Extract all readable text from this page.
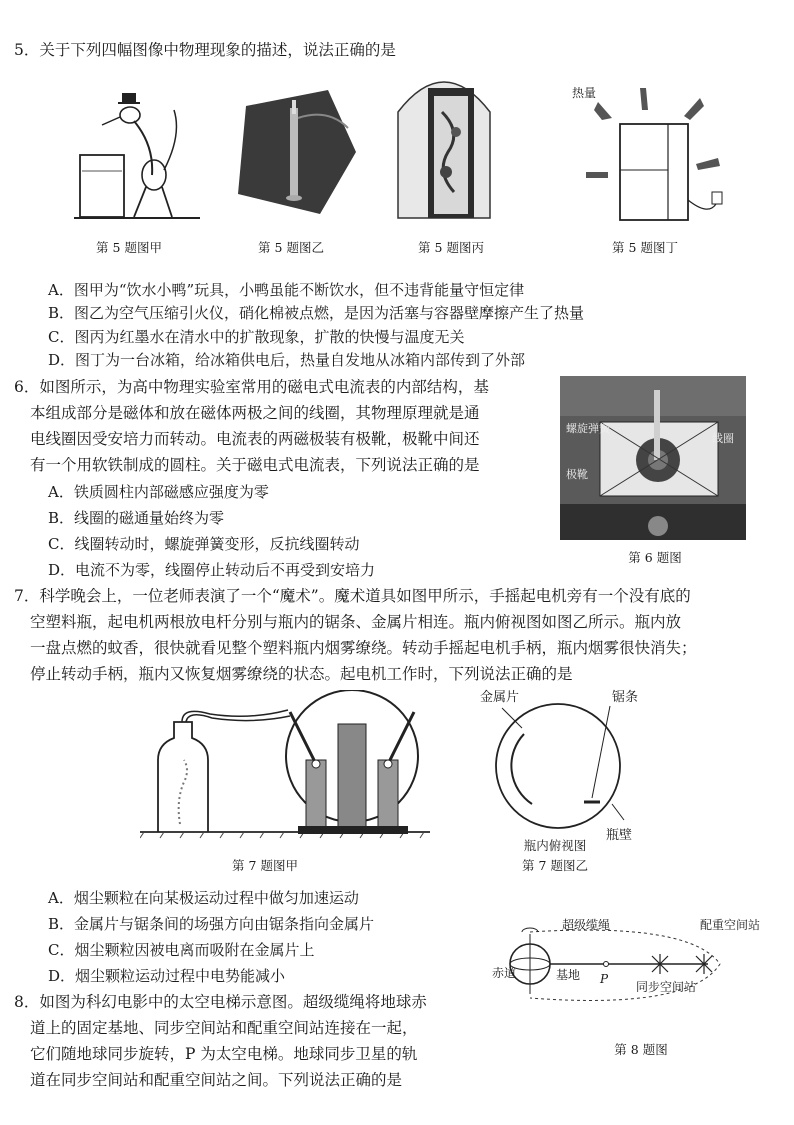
5．关于下列四幅图像中物理现象的描述，说法正确的是
热量
第 5 题图甲	第 5 题图乙	第 5 题图丙	第 5 题图丁
A．图甲为“饮水小鸭”玩具，小鸭虽能不断饮水，但不违背能量守恒定律
B．图乙为空气压缩引火仪，硝化棉被点燃，是因为活塞与容器壁摩擦产生了热量
C．图丙为红墨水在清水中的扩散现象，扩散的快慢与温度无关
D．图丁为一台冰箱，给冰箱供电后，热量自发地从冰箱内部传到了外部
6．如图所示，为高中物理实验室常用的磁电式电流表的内部结构，基
本组成部分是磁体和放在磁体两极之间的线圈，其物理原理就是通
电线圈因受安培力而转动。电流表的两磁极装有极靴，极靴中间还
有一个用软铁制成的圆柱。关于磁电式电流表，下列说法正确的是
A．铁质圆柱内部磁感应强度为零
B．线圈的磁通量始终为零
C．线圈转动时，螺旋弹簧变形，反抗线圈转动
D．电流不为零，线圈停止转动后不再受到安培力
螺旋弹簧
线圈
极靴
第 6 题图
7．科学晚会上，一位老师表演了一个“魔术”。魔术道具如图甲所示，手摇起电机旁有一个没有底的
空塑料瓶，起电机两根放电杆分别与瓶内的锯条、金属片相连。瓶内俯视图如图乙所示。瓶内放
一盘点燃的蚊香，很快就看见整个塑料瓶内烟雾缭绕。转动手摇起电机手柄，瓶内烟雾很快消失；
停止转动手柄，瓶内又恢复烟雾缭绕的状态。起电机工作时，下列说法正确的是
金属片	锯条
瓶壁
瓶内俯视图
第 7 题图甲	第 7 题图乙
A．烟尘颗粒在向某极运动过程中做匀加速运动
B．金属片与锯条间的场强方向由锯条指向金属片
C．烟尘颗粒因被电离而吸附在金属片上
D．烟尘颗粒运动过程中电势能减小
8．如图为科幻电影中的太空电梯示意图。超级缆绳将地球赤
道上的固定基地、同步空间站和配重空间站连接在一起，
它们随地球同步旋转，P 为太空电梯。地球同步卫星的轨
道在同步空间站和配重空间站之间。下列说法正确的是
超级缆绳	配重空间站
赤道	基地 P
同步空间站
第 8 题图
